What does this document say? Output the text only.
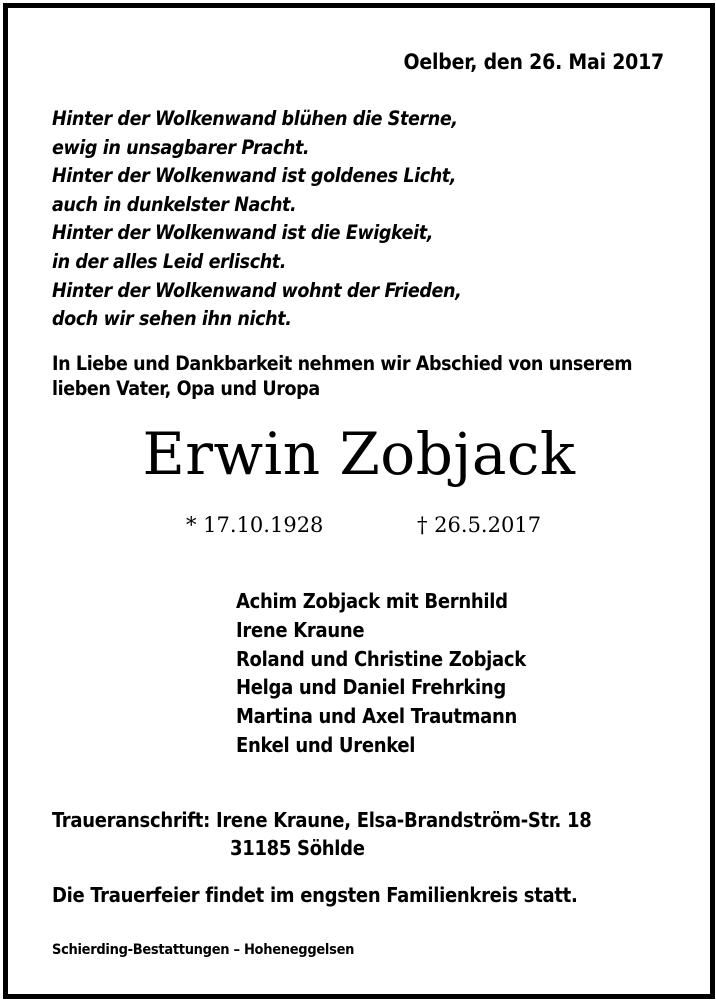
Oelber, den 26. Mai 2017
Hinter der Wolkenwand blühen die Sterne,
ewig in unsagbarer Pracht.
Hinter der Wolkenwand ist goldenes Licht,
auch in dunkelster Nacht.
Hinter der Wolkenwand ist die Ewigkeit,
in der alles Leid erlischt.
Hinter der Wolkenwand wohnt der Frieden,
doch wir sehen ihn nicht.
In Liebe und Dankbarkeit nehmen wir Abschied von unserem
lieben Vater, Opa und Uropa
Erwin Zobjack
* 17.10.1928	† 26.5.2017
Achim Zobjack mit Bernhild
Irene Kraune
Roland und Christine Zobjack
Helga und Daniel Frehrking
Martina und Axel Trautmann
Enkel und Urenkel
Traueranschrift: Irene Kraune, Elsa-Brandström-Str. 18
31185 Söhlde
Die Trauerfeier findet im engsten Familienkreis statt.
Schierding-Bestattungen – Hoheneggelsen
